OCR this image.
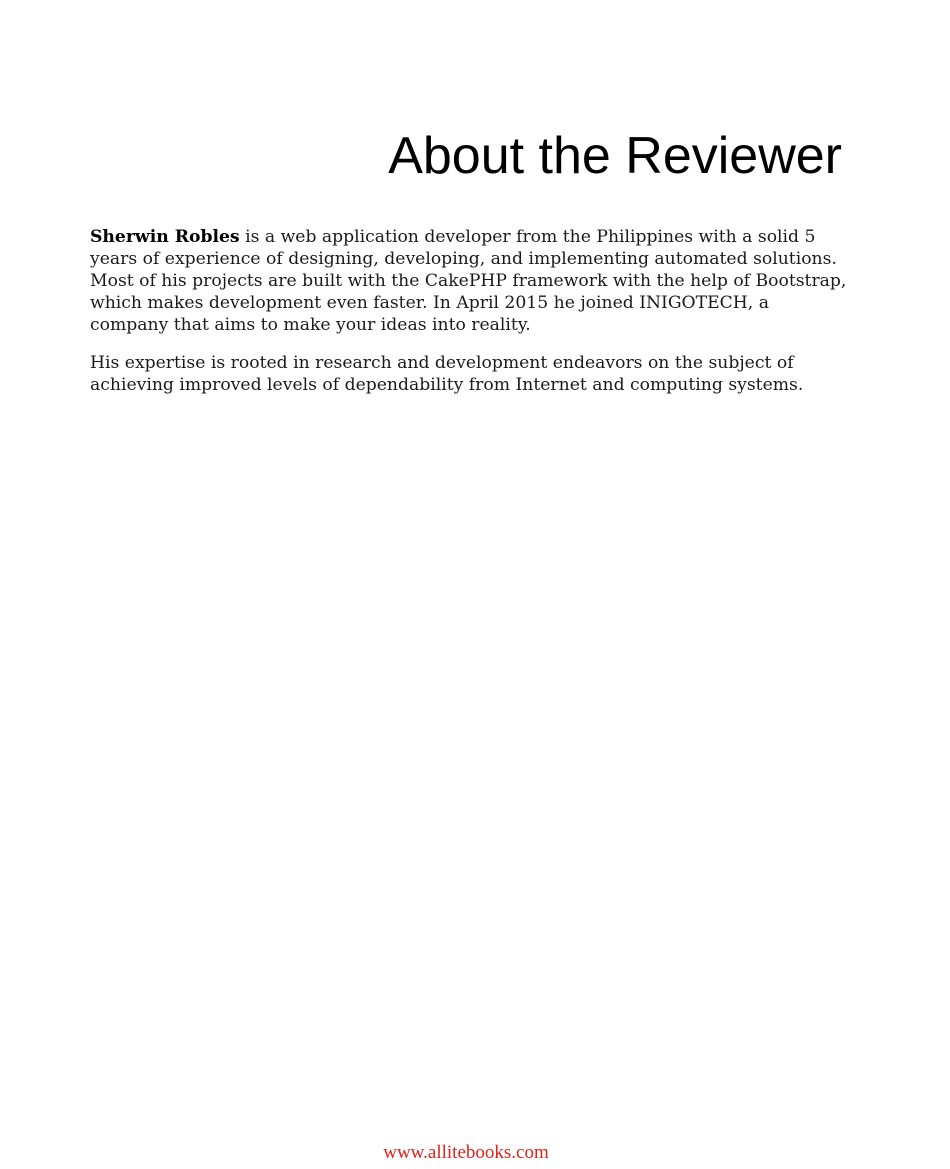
About the Reviewer

Sherwin Robles is a web application developer from the Philippines with a solid 5 years of experience of designing, developing, and implementing automated solutions. Most of his projects are built with the CakePHP framework with the help of Bootstrap, which makes development even faster. In April 2015 he joined INIGOTECH, a company that aims to make your ideas into reality.

His expertise is rooted in research and development endeavors on the subject of achieving improved levels of dependability from Internet and computing systems.

www.allitebooks.com
